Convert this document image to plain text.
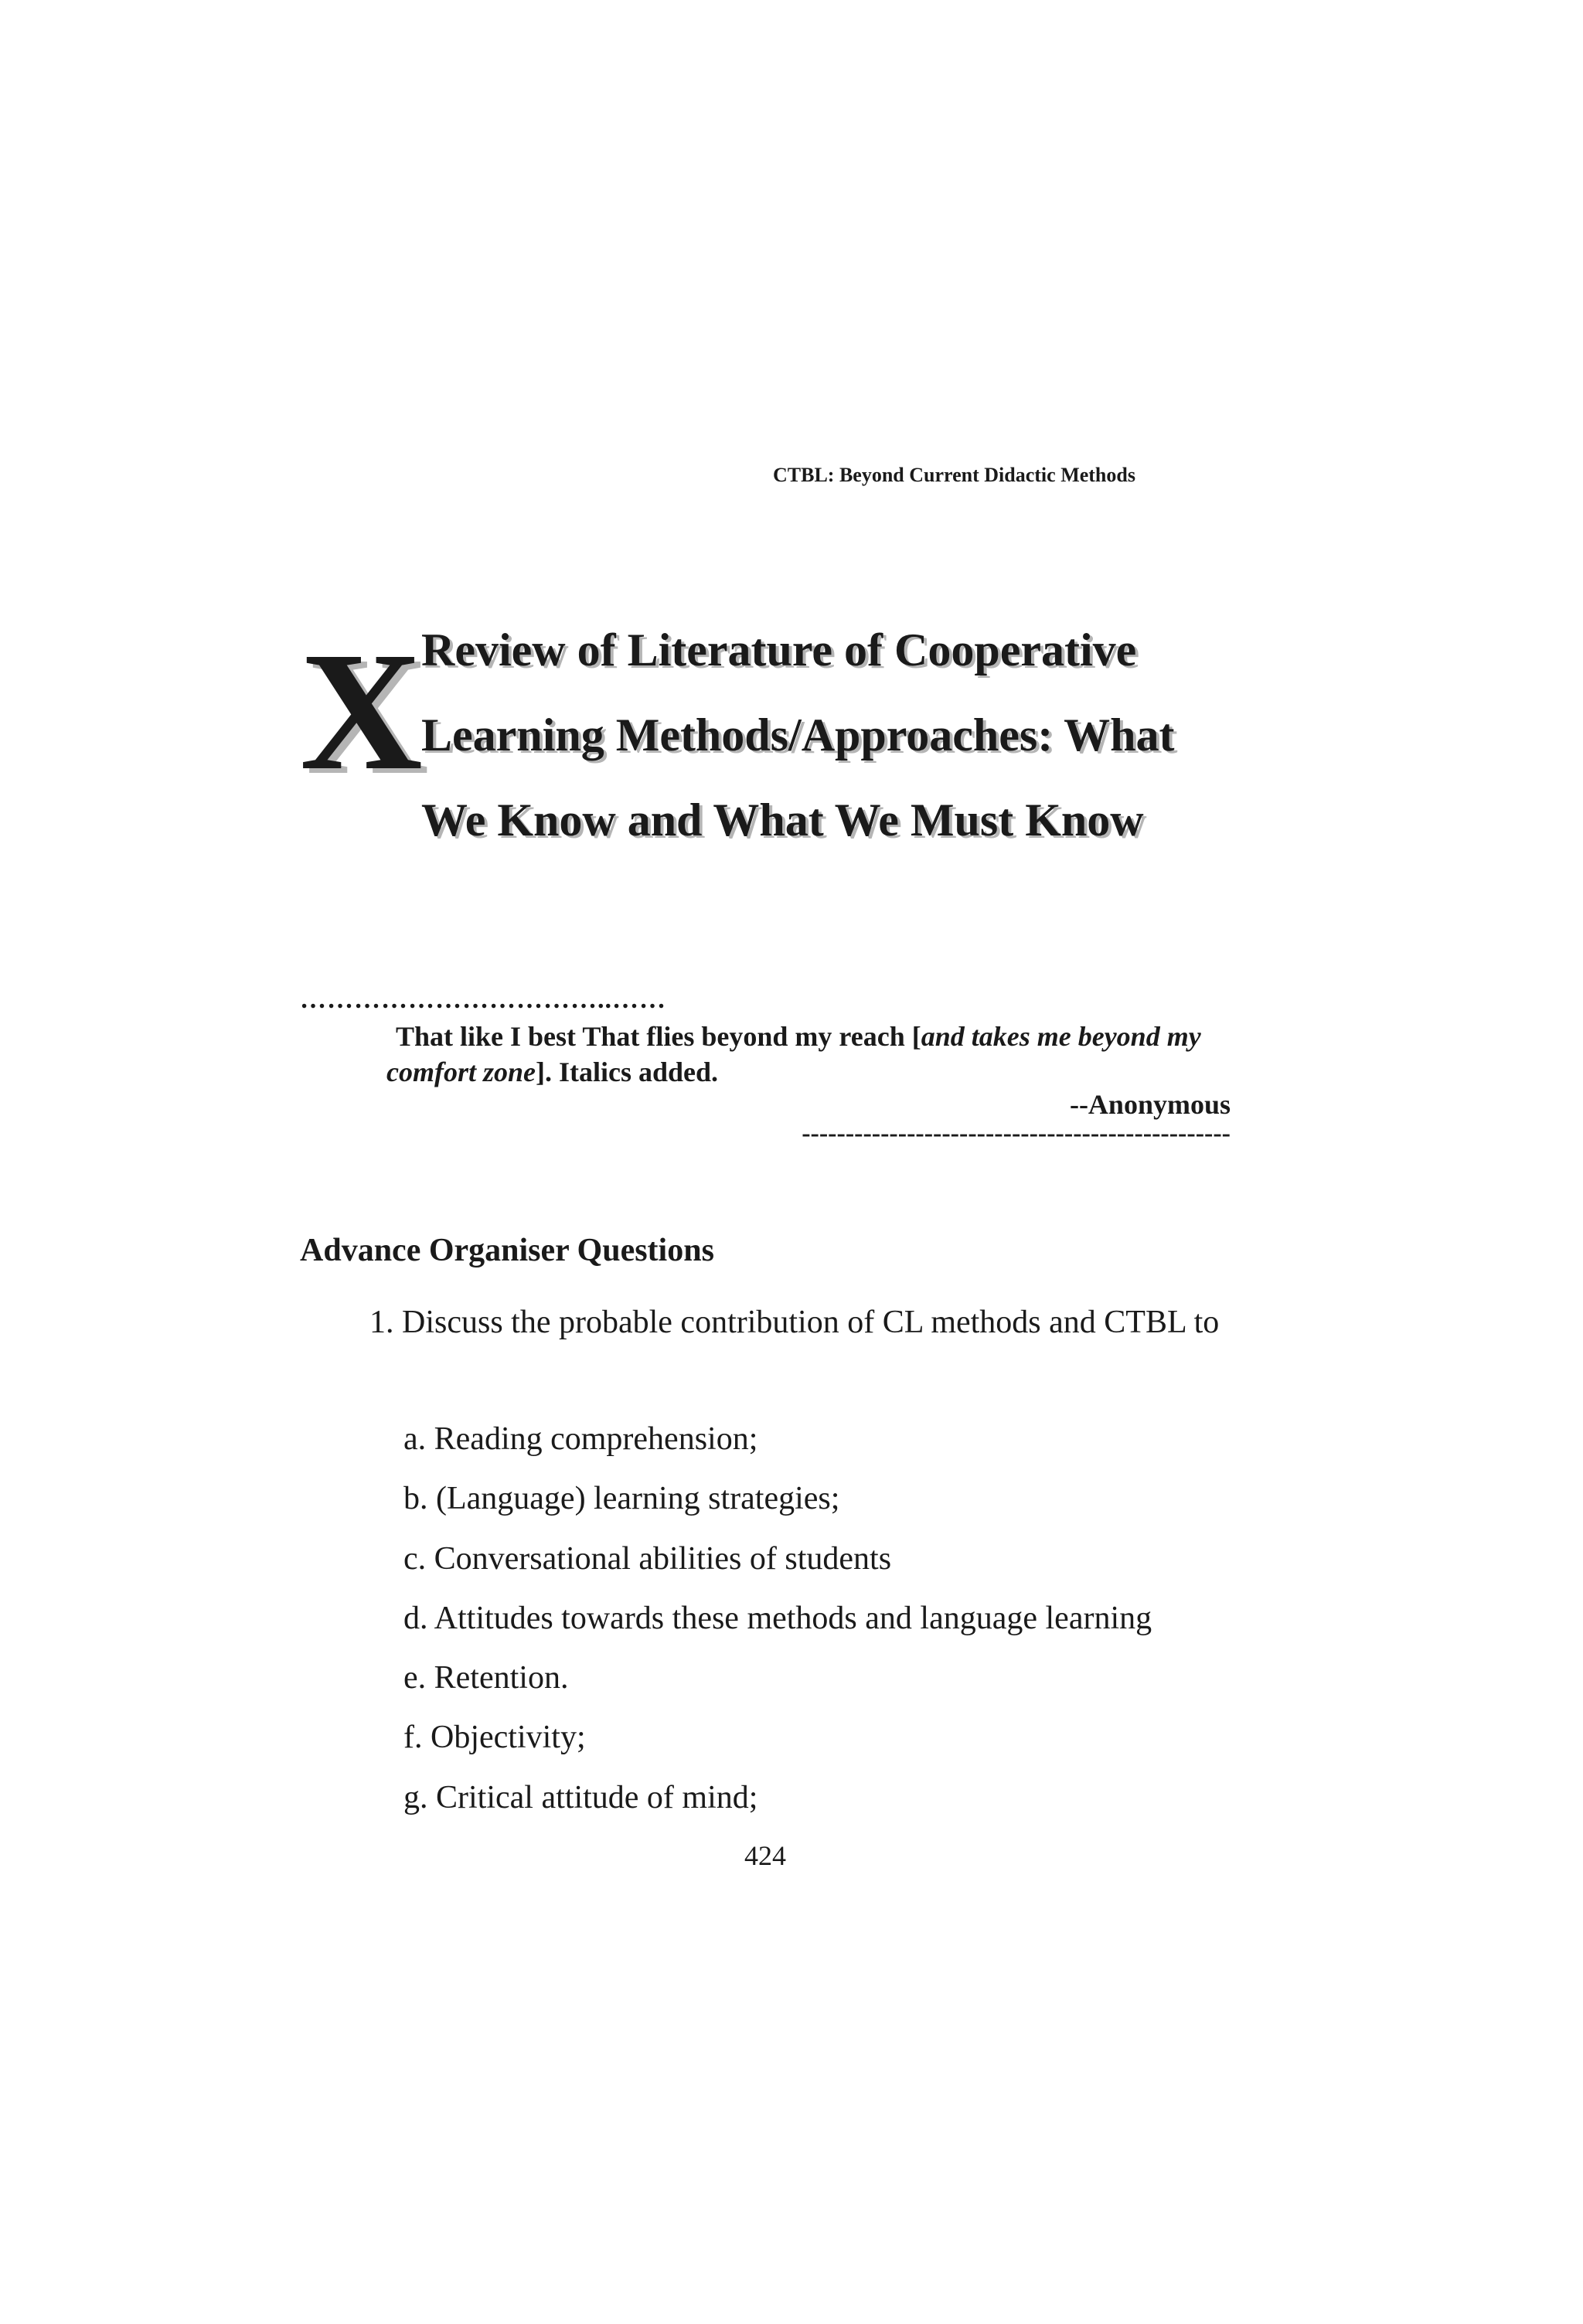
CTBL: Beyond Current Didactic Methods
X
Review of Literature of Cooperative
Learning Methods/Approaches: What
We Know and What We Must Know
……………………………..……
That like I best That flies beyond my reach [and takes me beyond my comfort zone]. Italics added.
--Anonymous
-------------------------------------------------
Advance Organiser Questions
1. Discuss the probable contribution of CL methods and CTBL to
a. Reading comprehension;
b. (Language) learning strategies;
c. Conversational abilities of students
d. Attitudes towards these methods and language learning
e. Retention.
f. Objectivity;
g. Critical attitude of mind;
424
